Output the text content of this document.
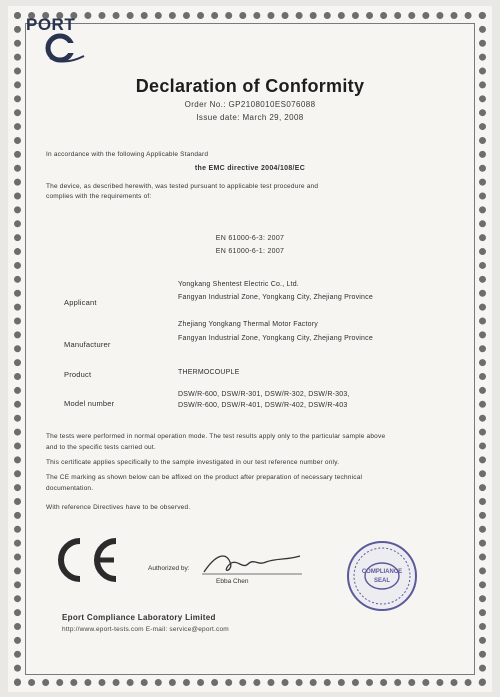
PORT
Declaration of Conformity
Order No.: GP2108010ES076088
Issue date: March 29, 2008
In accordance with the following Applicable Standard
the EMC directive 2004/108/EC
The device, as described herewith, was tested pursuant to applicable test procedure and
complies with the requirements of:
EN 61000-6-3: 2007
EN 61000-6-1: 2007
Yongkang Shentest Electric Co., Ltd.
Applicant
Fangyan Industrial Zone, Yongkang City, Zhejiang Province
Zhejiang Yongkang Thermal Motor Factory
Manufacturer
Fangyan Industrial Zone, Yongkang City, Zhejiang Province
Product	THERMOCOUPLE
Model number
DSW/R-600, DSW/R-301, DSW/R-302, DSW/R-303,
DSW/R-600, DSW/R-401, DSW/R-402, DSW/R-403
The tests were performed in normal operation mode. The test results apply only to the particular sample above
and to the specific tests carried out.
This certificate applies specifically to the sample investigated in our test reference number only.
The CE marking as shown below can be affixed on the product after preparation of necessary technical
documentation.
With reference Directives have to be observed.
Authorized by:
Ebba Chen
COMPLIANCE
SEAL
Eport Compliance Laboratory Limited
http://www.eport-tests.com E-mail: service@eport.com
